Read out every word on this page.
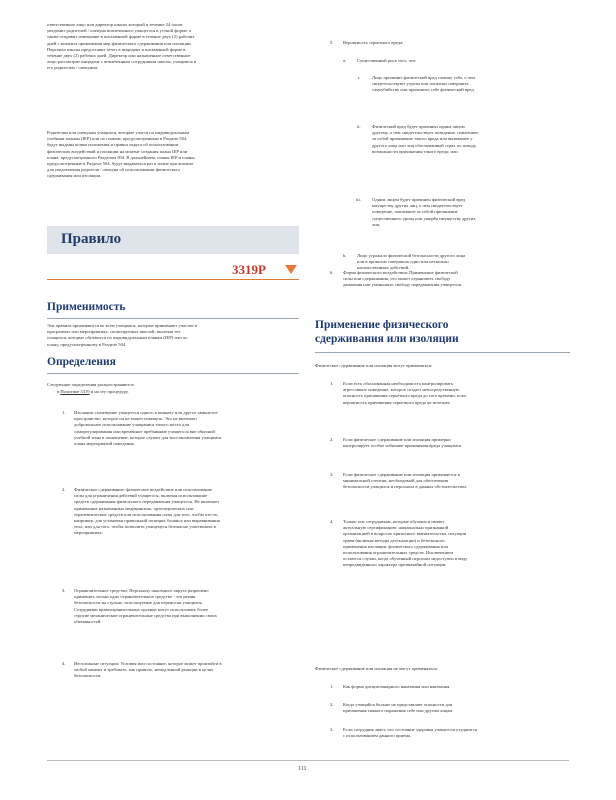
ответственное лицо или директор школы который в течение 24 часов уведомит родителей / опекуна вовлеченного учащегося в устной форме, а также отправит извещение в письменной форме в течение двух (2) рабочих дней с момента применения мер физического сдерживания или изоляции. Персонал школы предоставит отчет в инцидент в письменной форме в течение двух (2) рабочих дней. Директор или назначенное ответственное лицо рассмотрит инцидент с вовлеченным сотрудником школы, учащимся и его родителем / опекуном.

Родителям или опекунам учащихся, которые учатся по индивидуальным учебным планам (IEP) или по планам, предусмотренным в Разделе 504, будут выданы копии положения и правил округа об использовании физических воздействий и изоляции на момент создания плана IEP или плана, предусмотренного Разделом 504. В дальнейшем, планы IEP и планы, предусмотренные в Разделе 504, будут выдаваться раз в плане при анализе для уведомления родителя / опекуна об использовании физического сдерживания или изоляции.

Правило
3319Р
Применимость

Эти правила применяются ко всем учащимся, которые принимают участие в программах или мероприятиях, спонсируемых школой, включая тех учащихся, которые обучаются по индивидуальным планам (IEP) или по плану, предусмотренному в Разделе 504.

Определения

Следующие определения распространяются

в Политике 3319 и на эту процедуру.

1. Изоляция: помещение учащегося одного в комнату или другое замкнутое пространство, которое он не может покинуть. Это не включает добровольное использование учащимися тихого места для саморегулирования или временное пребывание учащегося вне обычной учебной зоны в помещение, которое служит для восстановления учащимся плана мероприятий поведения.

2. Физическое сдерживание: физическое воздействие или использование силы для ограничения действий учащегося, включая использование средств сдерживания физического передвижения учащегося. Не включает применение назначенных медицинских, ортопедических или терапевтических средств или использования силы для того, чтобы что-то, например, для установки правильной позиции, баланса или выравнивания тела, или для того, чтобы позволить учащемуся безопасно участвовать в мероприятиях.

3. Ограничительное средство: Персоналу школьного округа разрешено применять только одно ограничительное средство - это ремни безопасности на стульях, используемые для переноски учащихся. Сотрудники правоохранительных органов могут использовать более строгие механические ограничительные средства при выполнении своих обязанностей.

4. Неотложные ситуации: Условия или состояние, которое может произойти в любой момент и требовать, как правило, немедленной реакции в целях безопасности.

5. Вероятность серьезного вреда:

a. Существенный риск того, что:

i.	Лицо причинит физический вред самому себе, о чем свидетельствуют угрозы или попытки совершить самоубийство или причинить себе физический вред.

ii. Физический вред будет причинен одним лицом другому, о чем свидетельствует поведение, повлекшее за собой причинение такого вреда или вызвавшее у другого лица или лиц обоснованный страх по поводу возможности причинения такого вреда; или

iii. Одним лицом будет причинен физический вред имуществу других лиц, о чем свидетельствует поведение, повлекшее за собой причинение существенного урона или ущерба имуществу других лиц.

b. Лицо угрожало физической безопасности другого лица или в прошлом совершило одно или несколько насильственных действий.

6. Форма физического воздействия: Применение физической силы или сдерживания, что может ограничить свободу движения или уменьшить свободу передвижения учащегося.

Применение физического сдерживания или изоляции

Физическое сдерживание или изоляция могут применяться:

1. Если есть обоснованная необходимость контролировать агрессивное поведение, которое создает непосредственную опасность причинения серьезного вреда до того времени, пока вероятность причинения серьезного вреда не исчезнет.

2. Если физическое сдерживание или изоляция примерно контролирует особое избиение причинения вреда учащимся.

3. Если физическое сдерживание или изоляция применяется в минимальной степени, необходимой для обеспечения безопасности учащихся и персонала в данных обстоятельствах.

4. Только тем сотрудникам, которые обучены и имеют актуальную сертификацию: национально признанной организацией в вопросах кризисного вмешательства, ситуации травм (включая методы деэскалации) и безопасного применения изоляции, физического сдерживания или использования ограничительных средств. Исключением остаются случаи, когда обученный персонал недоступен в виду непредвиденного характера чрезвычайной ситуации.

Физическое сдерживание или изоляция не могут применяться:

1. Как форма дисциплинарного наказания или наказания

2. Когда учащийся больше не представляет опасности для причинения тяжкого поражения себе или другим лицам.

3. Если сотрудник знает, что состояние здоровья учащегося ухудшится с использованием данного приема.

111
